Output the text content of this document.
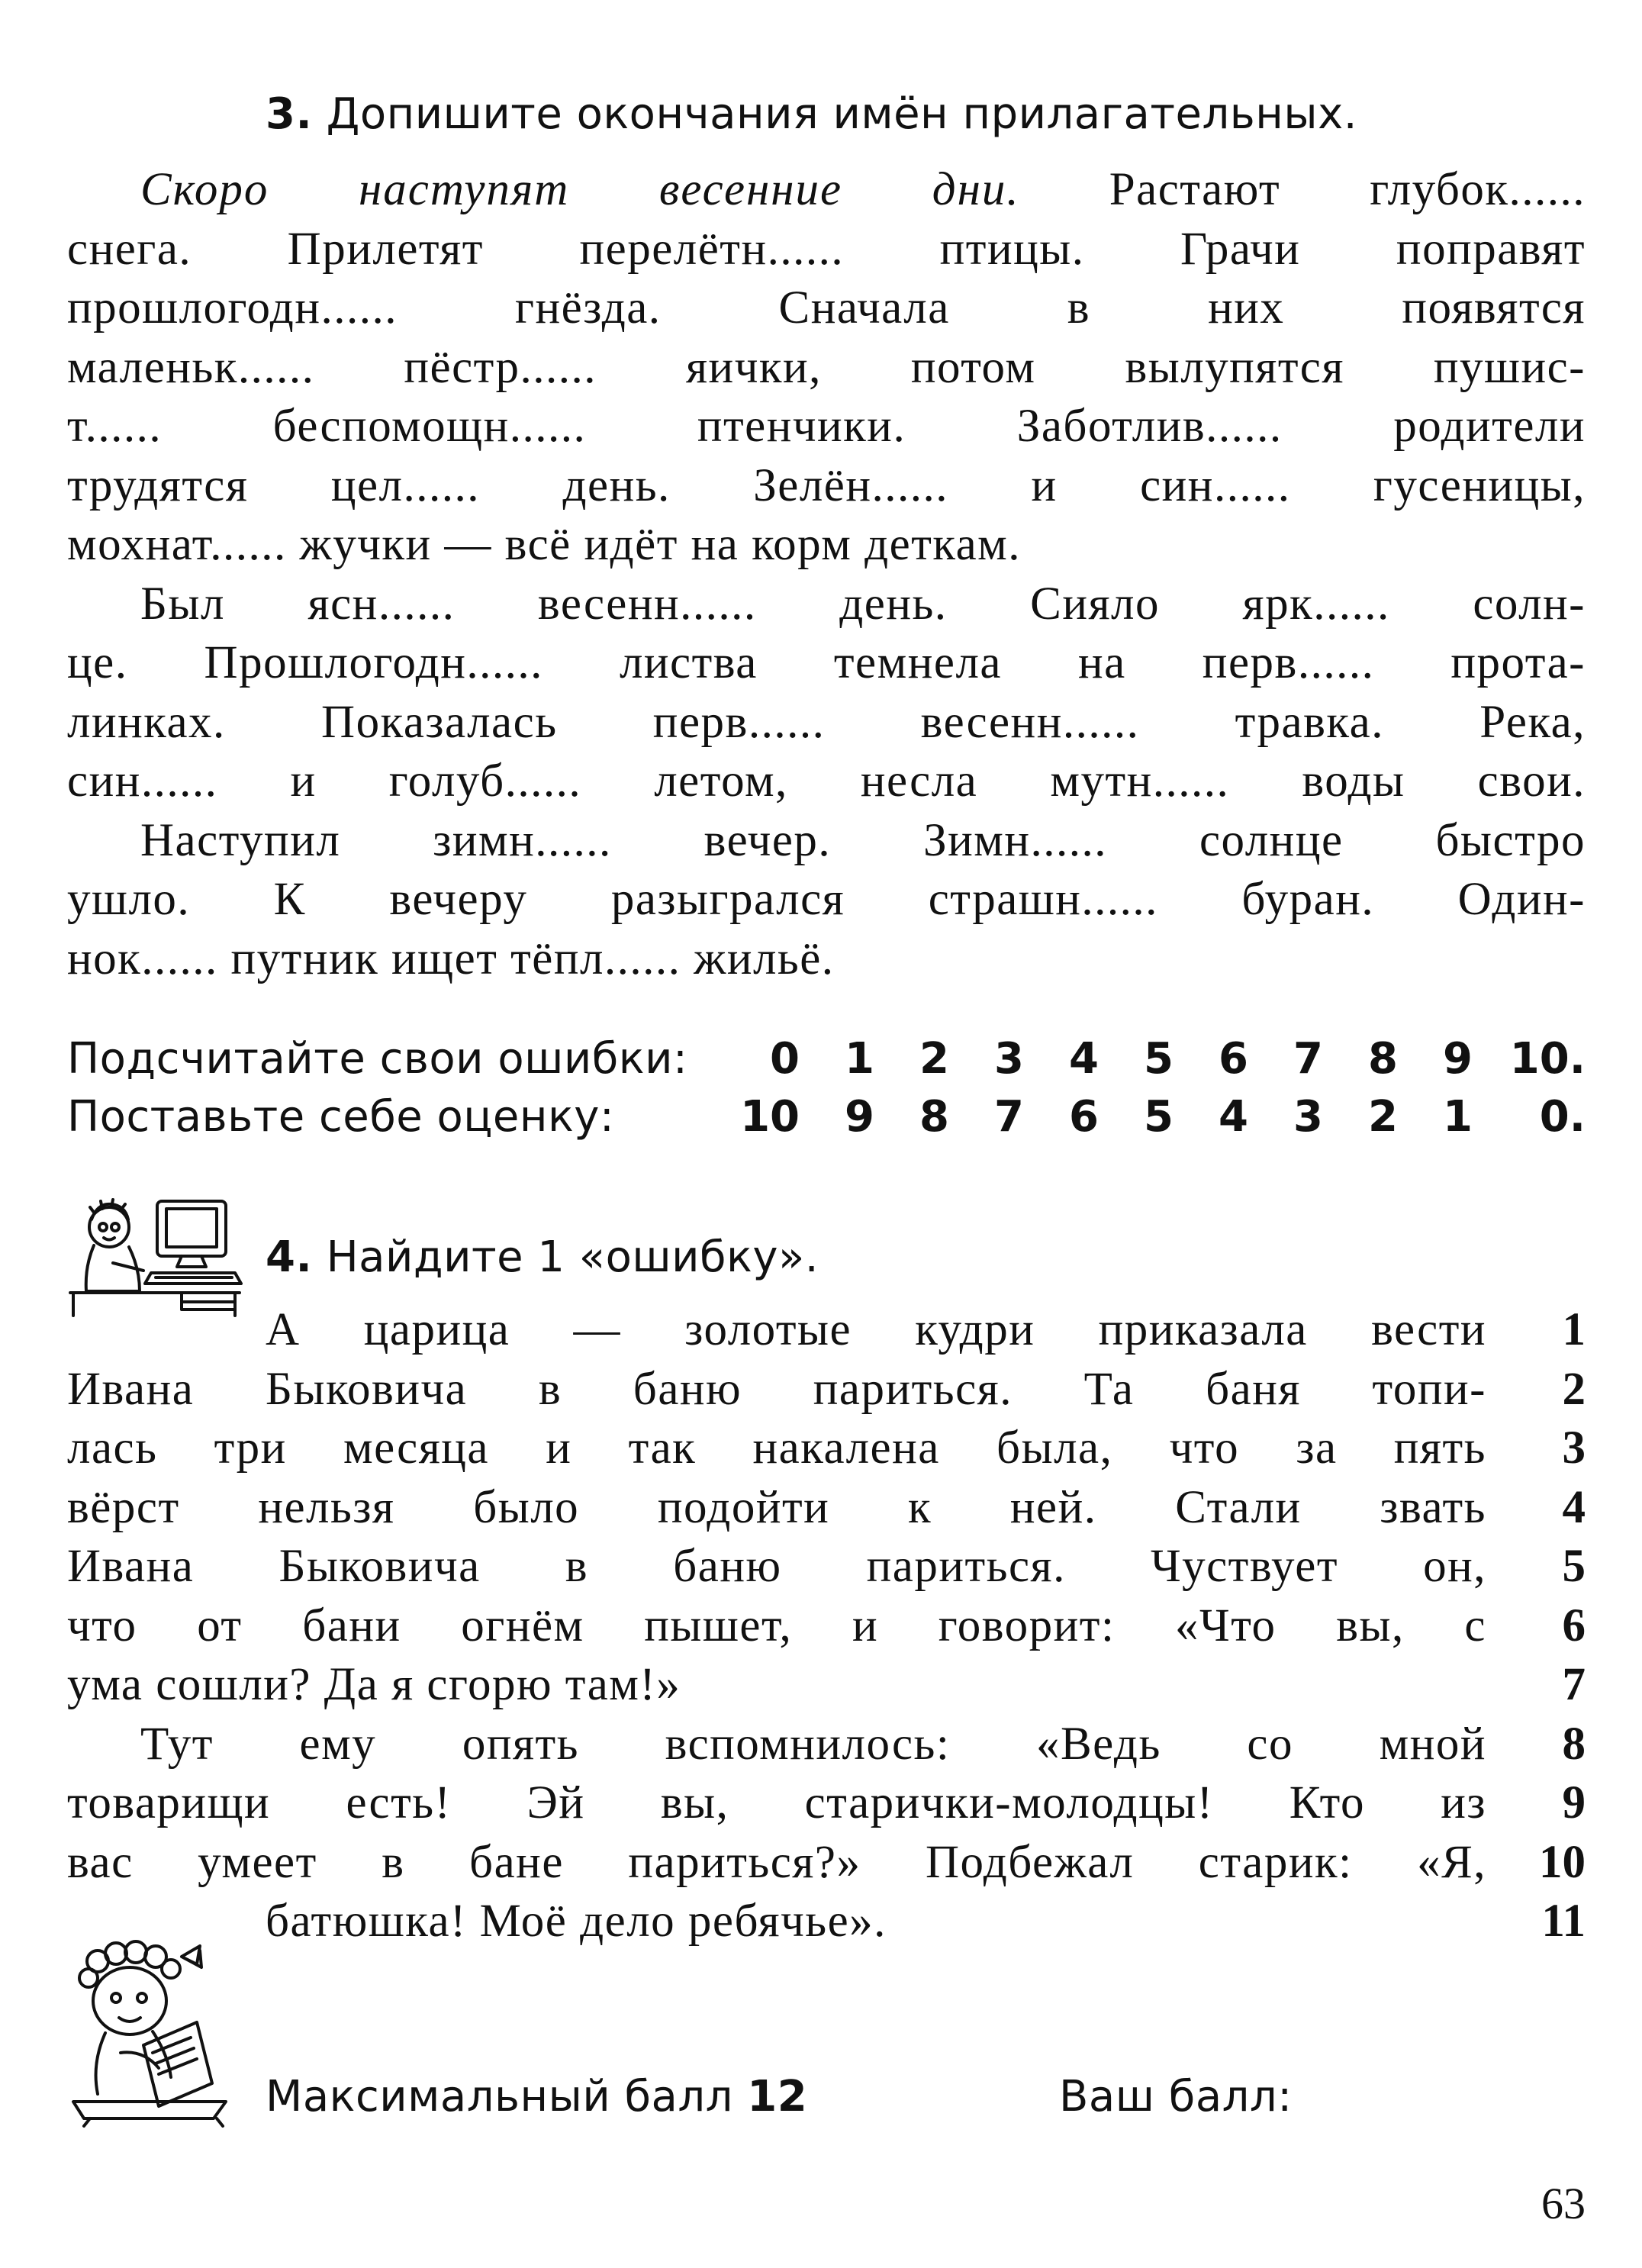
3. Допишите окончания имён прилагательных.
Скоро наступят весенние дни. Растают глубок......
снега. Прилетят перелётн...... птицы. Грачи поправят
прошлогодн...... гнёзда. Сначала в них появятся
маленьк...... пёстр...... яички, потом вылупятся пушис-
т...... беспомощн...... птенчики. Заботлив...... родители
трудятся цел...... день. Зелён...... и син...... гусеницы,
мохнат...... жучки — всё идёт на корм деткам.
Был ясн...... весенн...... день. Сияло ярк...... солн-
це. Прошлогодн...... листва темнела на перв...... прота-
линках. Показалась перв...... весенн...... травка. Река,
син...... и голуб...... летом, несла мутн...... воды свои.
Наступил зимн...... вечер. Зимн...... солнце быстро
ушло. К вечеру разыгрался страшн...... буран. Один-
нок...... путник ищет тёпл...... жильё.
Подсчитайте свои ошибки:	0	1	2	3	4	5	6	7	8	9 10.
Поставьте себе оценку:	10	9	8	7	6	5	4	3	2	1	0.
4. Найдите 1 «ошибку».
А царица — золотые кудри приказала вести
Ивана Быковича в баню париться. Та баня топи-
лась три месяца и так накалена была, что за пять
вёрст нельзя было подойти к ней. Стали звать
Ивана Быковича в баню париться. Чуствует он,
что от бани огнём пышет, и говорит: «Что вы, с
ума сошли? Да я сгорю там!»
Тут ему опять вспомнилось: «Ведь со мной
товарищи есть! Эй вы, старички-молодцы! Кто из
вас умеет в бане париться?» Подбежал старик: «Я,
батюшка! Моё дело ребячье».
1
2
3
4
5
6
7
8
9
10
11
Максимальный балл 12	Ваш балл:
63
